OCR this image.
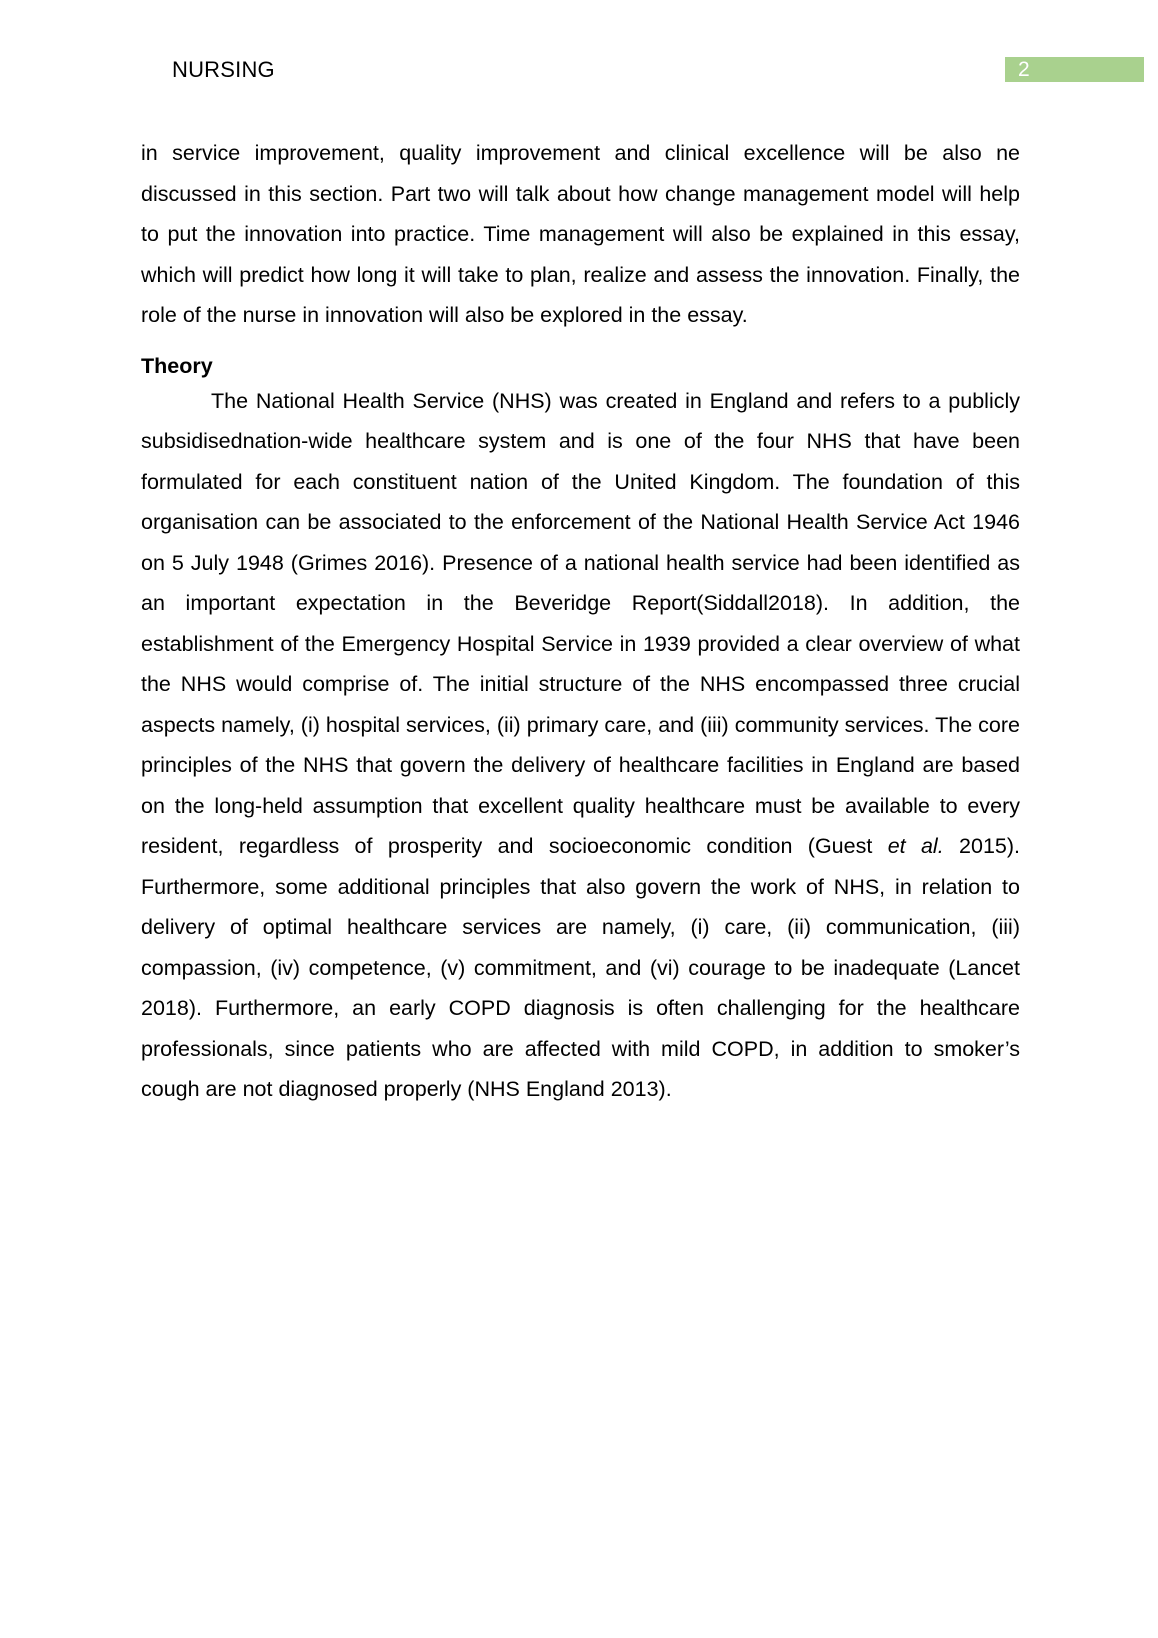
NURSING	2

in service improvement, quality improvement and clinical excellence will be also ne discussed in this section. Part two will talk about how change management model will help to put the innovation into practice. Time management will also be explained in this essay, which will predict how long it will take to plan, realize and assess the innovation. Finally, the role of the nurse in innovation will also be explored in the essay.

Theory

The National Health Service (NHS) was created in England and refers to a publicly subsidisednation-wide healthcare system and is one of the four NHS that have been formulated for each constituent nation of the United Kingdom. The foundation of this organisation can be associated to the enforcement of the National Health Service Act 1946 on 5 July 1948 (Grimes 2016). Presence of a national health service had been identified as an important expectation in the Beveridge Report(Siddall2018). In addition, the establishment of the Emergency Hospital Service in 1939 provided a clear overview of what the NHS would comprise of. The initial structure of the NHS encompassed three crucial aspects namely, (i) hospital services, (ii) primary care, and (iii) community services. The core principles of the NHS that govern the delivery of healthcare facilities in England are based on the long-held assumption that excellent quality healthcare must be available to every resident, regardless of prosperity and socioeconomic condition (Guest et al. 2015). Furthermore, some additional principles that also govern the work of NHS, in relation to delivery of optimal healthcare services are namely, (i) care, (ii) communication, (iii) compassion, (iv) competence, (v) commitment, and (vi) courage to be inadequate (Lancet 2018). Furthermore, an early COPD diagnosis is often challenging for the healthcare professionals, since patients who are affected with mild COPD, in addition to smoker’s cough are not diagnosed properly (NHS England 2013).
